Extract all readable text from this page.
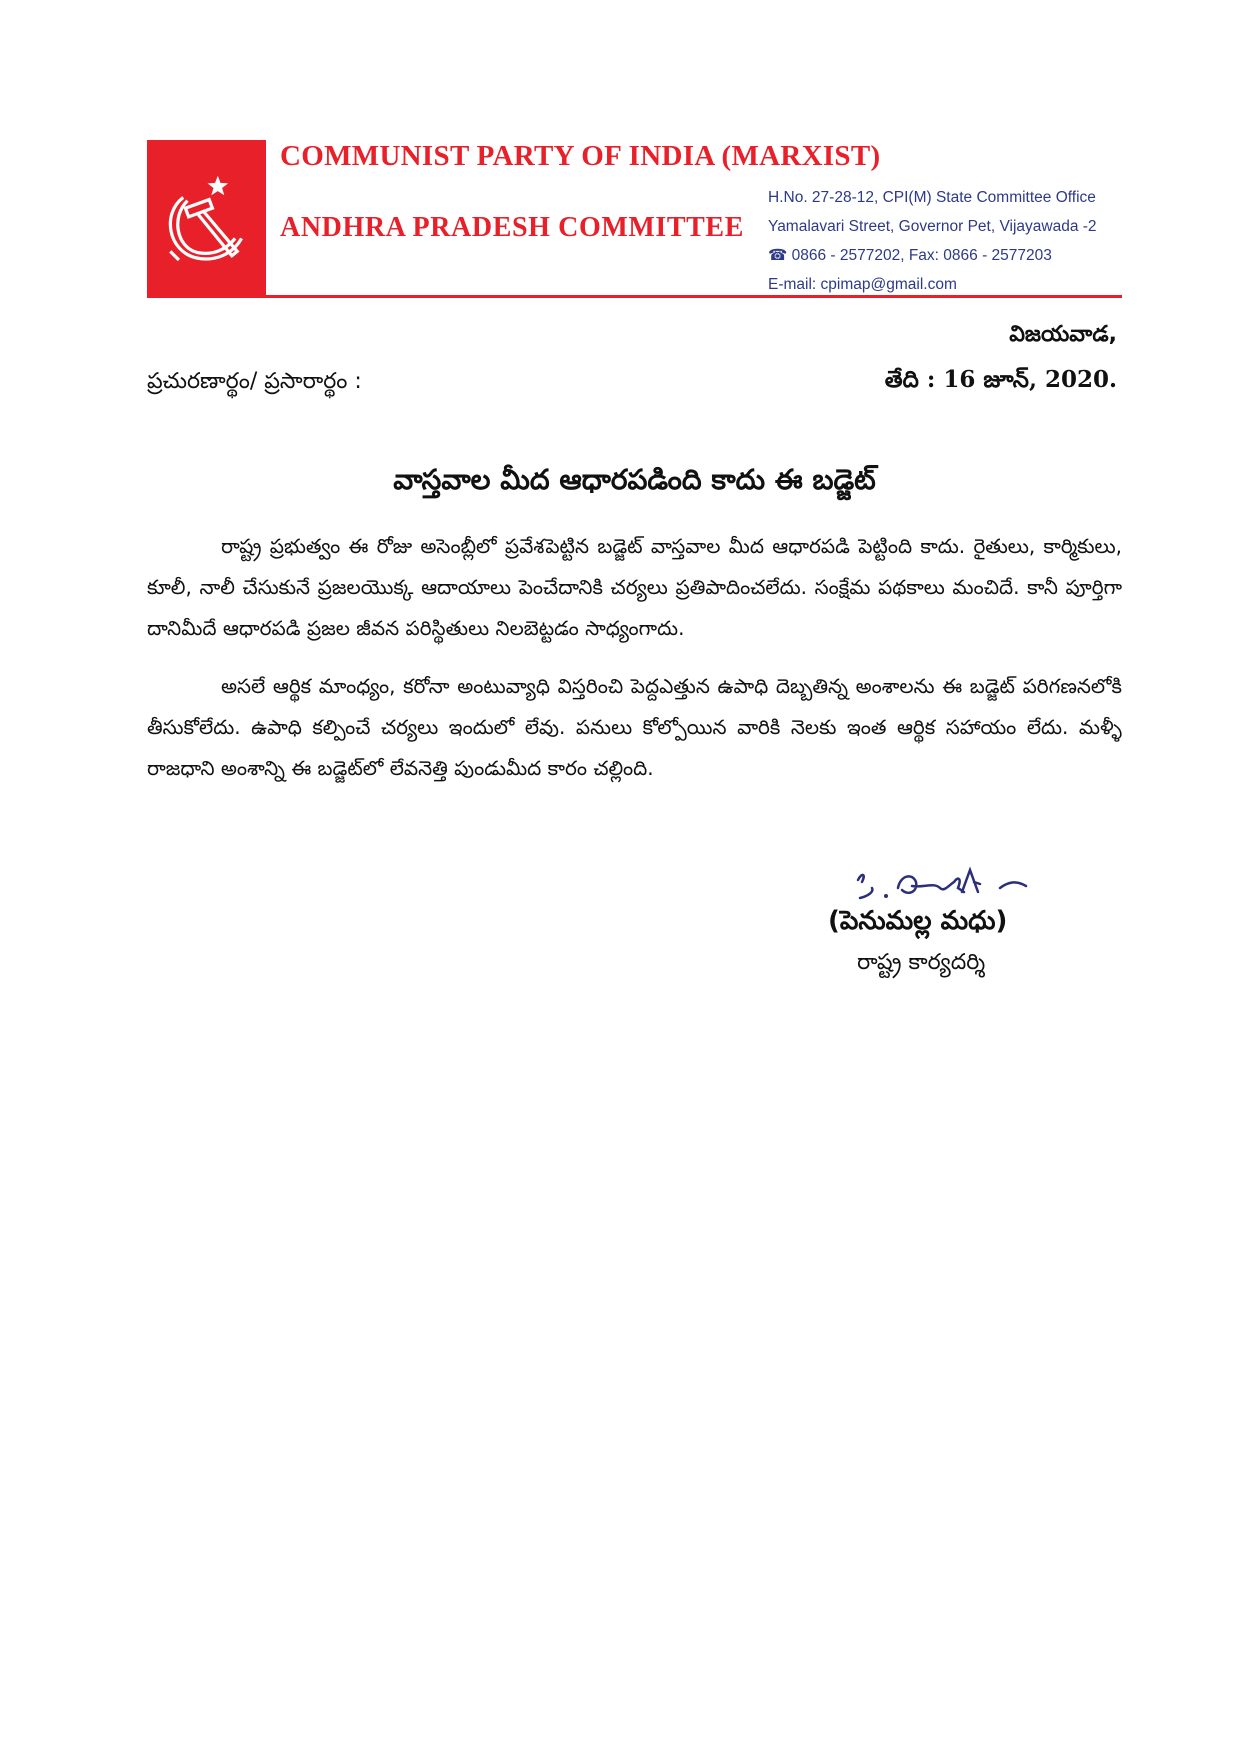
COMMUNIST PARTY OF INDIA (MARXIST)
ANDHRA PRADESH COMMITTEE
H.No. 27-28-12, CPI(M) State Committee Office
Yamalavari Street, Governor Pet, Vijayawada -2
☎ 0866 - 2577202, Fax: 0866 - 2577203
E-mail: cpimap@gmail.com
విజయవాడ,
ప్రచురణార్థం/ ప్రసారార్థం :	తేది : 16 జూన్, 2020.
వాస్తవాల మీద ఆధారపడింది కాదు ఈ బడ్జెట్

రాష్ట్ర ప్రభుత్వం ఈ రోజు అసెంబ్లీలో ప్రవేశపెట్టిన బడ్జెట్ వాస్తవాల మీద ఆధారపడి పెట్టింది కాదు. రైతులు, కార్మికులు, కూలీ, నాలీ చేసుకునే ప్రజలయొక్క ఆదాయాలు పెంచేదానికి చర్యలు ప్రతిపాదించలేదు. సంక్షేమ పథకాలు మంచిదే. కానీ పూర్తిగా దానిమీదే ఆధారపడి ప్రజల జీవన పరిస్థితులు నిలబెట్టడం సాధ్యంగాదు.

అసలే ఆర్థిక మాంధ్యం, కరోనా అంటువ్యాధి విస్తరించి పెద్దఎత్తున ఉపాధి దెబ్బతిన్న అంశాలను ఈ బడ్జెట్ పరిగణనలోకి తీసుకోలేదు. ఉపాధి కల్పించే చర్యలు ఇందులో లేవు. పనులు కోల్పోయిన వారికి నెలకు ఇంత ఆర్థిక సహాయం లేదు. మళ్ళీ రాజధాని అంశాన్ని ఈ బడ్జెట్‌లో లేవనెత్తి పుండుమీద కారం చల్లింది.

(పెనుమల్ల మధు)
రాష్ట్ర కార్యదర్శి
